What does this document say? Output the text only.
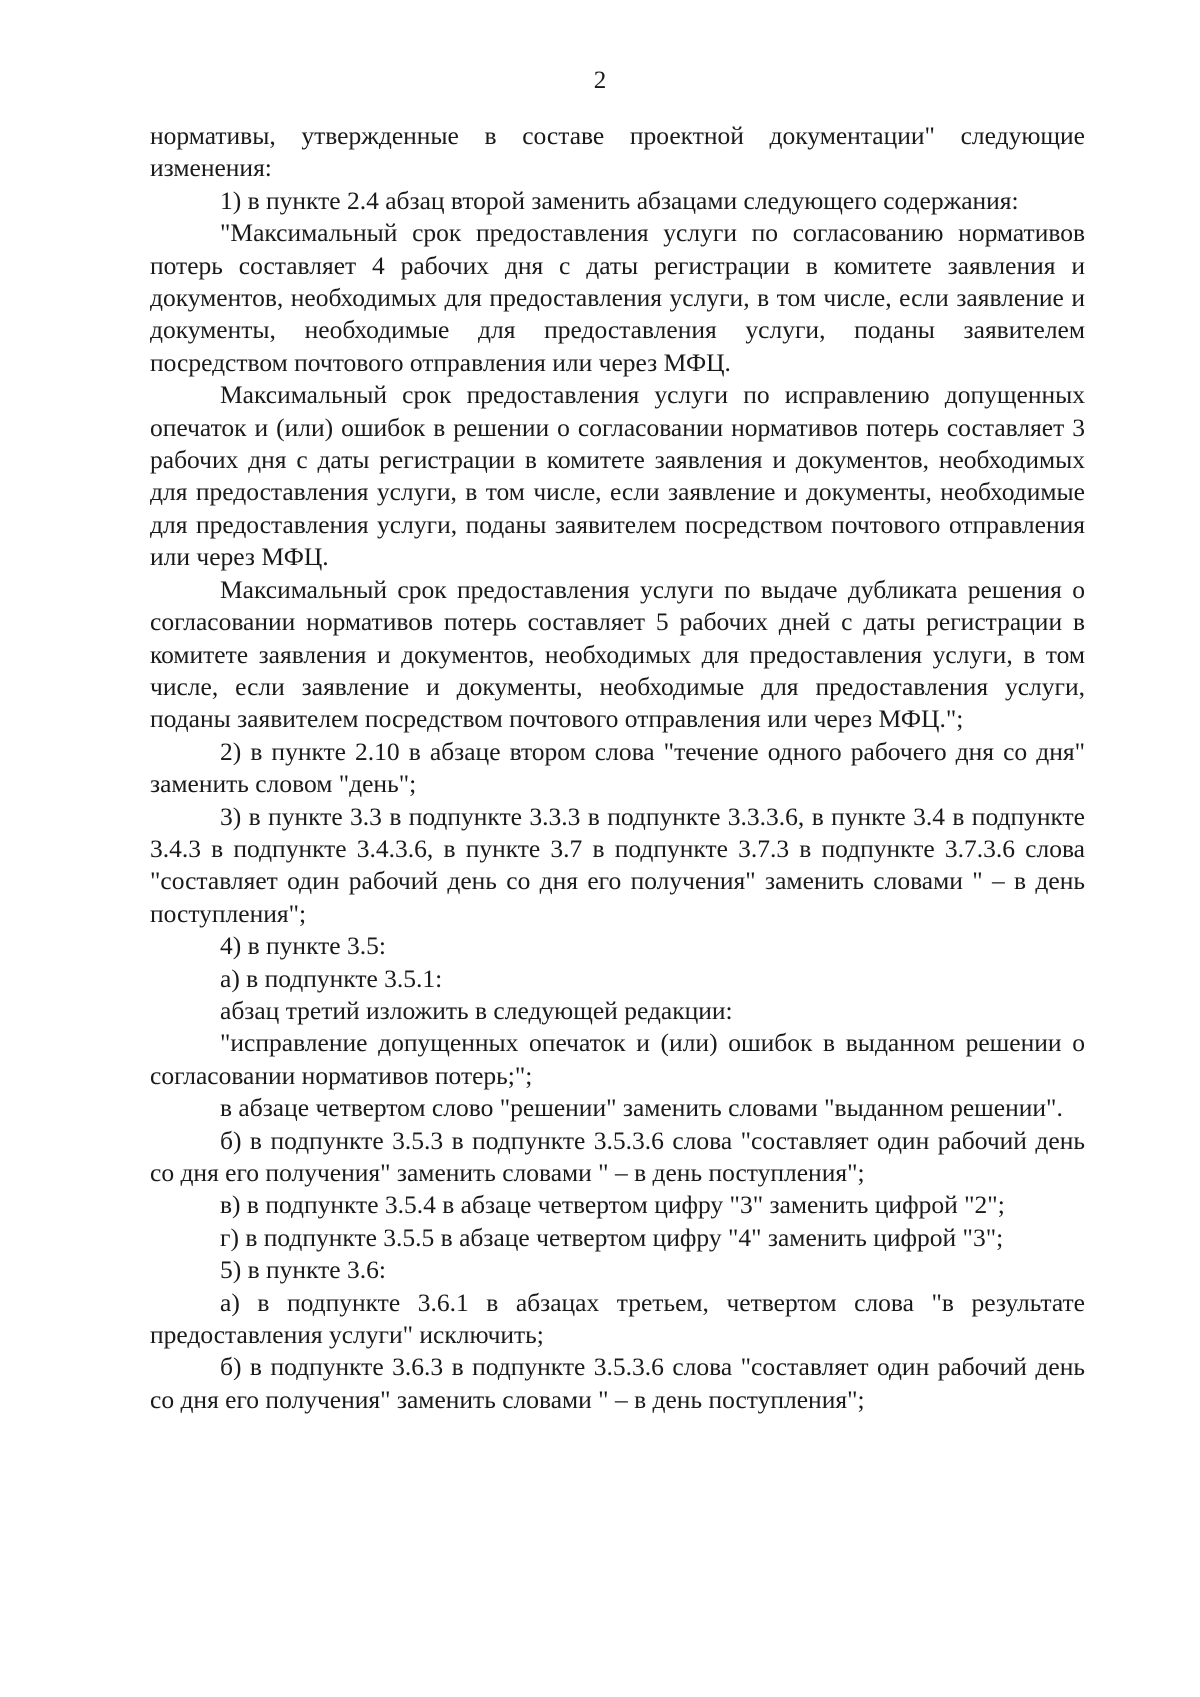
2

нормативы, утвержденные в составе проектной документации" следующие изменения:

1) в пункте 2.4 абзац второй заменить абзацами следующего содержания:

"Максимальный срок предоставления услуги по согласованию нормативов потерь составляет 4 рабочих дня с даты регистрации в комитете заявления и документов, необходимых для предоставления услуги, в том числе, если заявление и документы, необходимые для предоставления услуги, поданы заявителем посредством почтового отправления или через МФЦ.

Максимальный срок предоставления услуги по исправлению допущенных опечаток и (или) ошибок в решении о согласовании нормативов потерь составляет 3 рабочих дня с даты регистрации в комитете заявления и документов, необходимых для предоставления услуги, в том числе, если заявление и документы, необходимые для предоставления услуги, поданы заявителем посредством почтового отправления или через МФЦ.

Максимальный срок предоставления услуги по выдаче дубликата решения о согласовании нормативов потерь составляет 5 рабочих дней с даты регистрации в комитете заявления и документов, необходимых для предоставления услуги, в том числе, если заявление и документы, необходимые для предоставления услуги, поданы заявителем посредством почтового отправления или через МФЦ.";

2) в пункте 2.10 в абзаце втором слова "течение одного рабочего дня со дня" заменить словом "день";

3) в пункте 3.3 в подпункте 3.3.3 в подпункте 3.3.3.6, в пункте 3.4 в подпункте 3.4.3 в подпункте 3.4.3.6, в пункте 3.7 в подпункте 3.7.3 в подпункте 3.7.3.6 слова "составляет один рабочий день со дня его получения" заменить словами " – в день поступления";

4) в пункте 3.5:

а) в подпункте 3.5.1:

абзац третий изложить в следующей редакции:

"исправление допущенных опечаток и (или) ошибок в выданном решении о согласовании нормативов потерь;";

в абзаце четвертом слово "решении" заменить словами "выданном решении".

б) в подпункте 3.5.3 в подпункте 3.5.3.6 слова "составляет один рабочий день со дня его получения" заменить словами " – в день поступления";

в) в подпункте 3.5.4 в абзаце четвертом цифру "3" заменить цифрой "2";

г) в подпункте 3.5.5 в абзаце четвертом цифру "4" заменить цифрой "3";

5) в пункте 3.6:

а) в подпункте 3.6.1 в абзацах третьем, четвертом слова "в результате предоставления услуги" исключить;

б) в подпункте 3.6.3 в подпункте 3.5.3.6 слова "составляет один рабочий день со дня его получения" заменить словами " – в день поступления";
